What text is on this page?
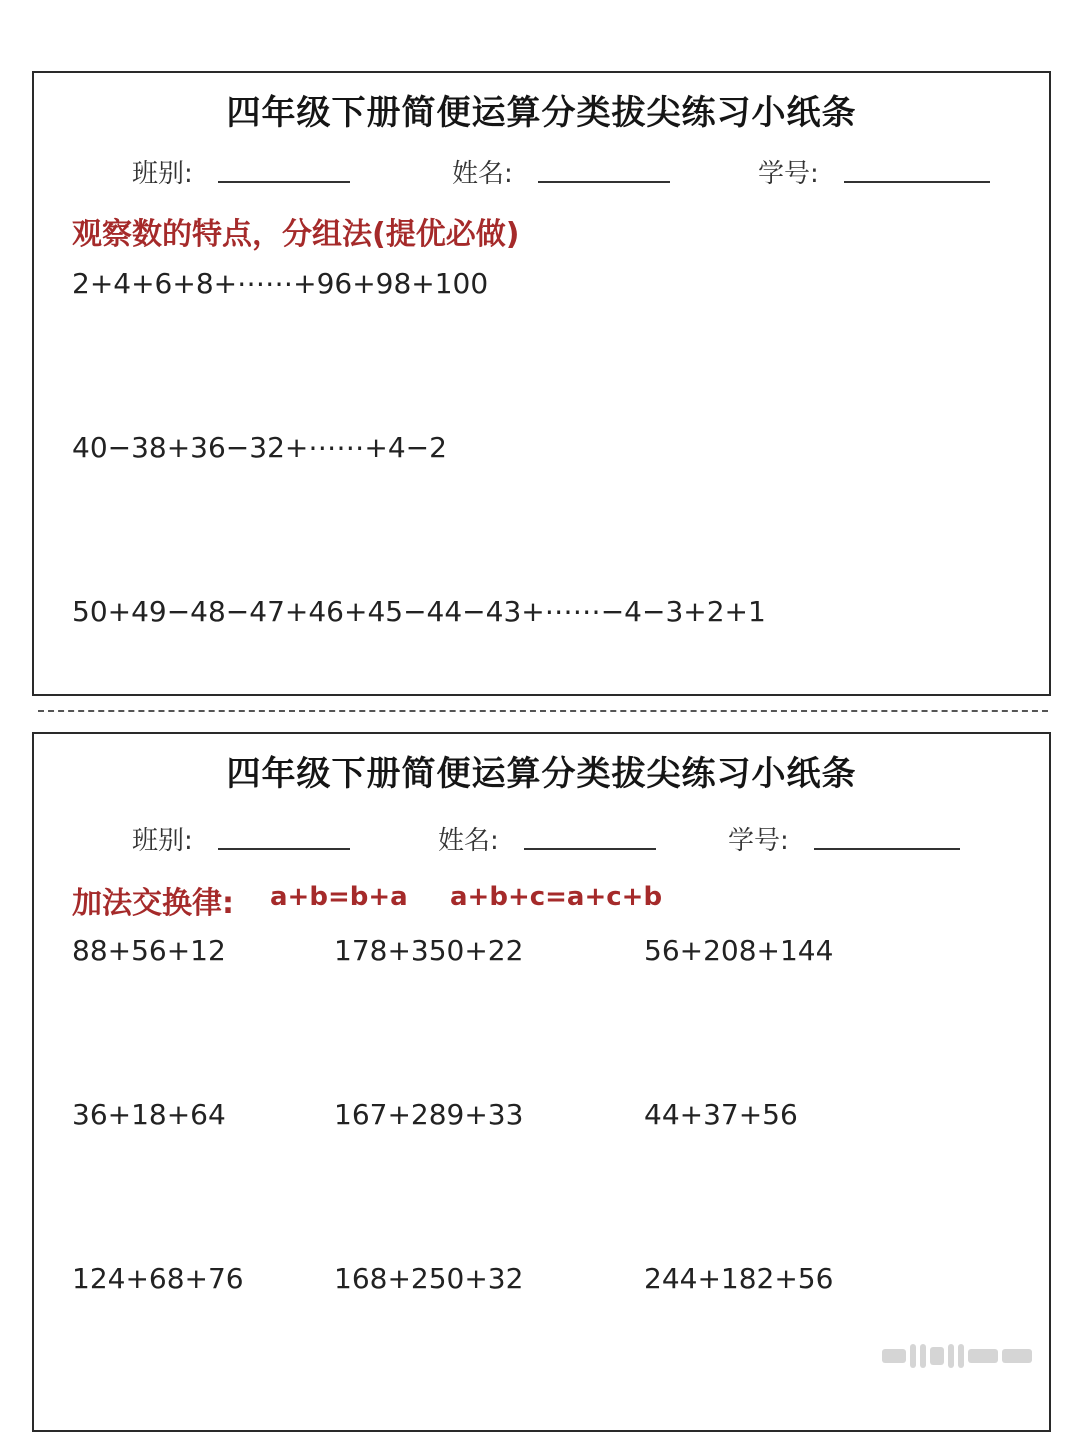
四年级下册简便运算分类拔尖练习小纸条
班别:	姓名:	学号:
观察数的特点，分组法(提优必做)
2+4+6+8+⋯⋯+96+98+100
40−38+36−32+⋯⋯+4−2
50+49−48−47+46+45−44−43+⋯⋯−4−3+2+1
四年级下册简便运算分类拔尖练习小纸条
班别:	姓名:	学号:
加法交换律: a+b=b+a a+b+c=a+c+b
88+56+12	178+350+22	56+208+144
36+18+64	167+289+33	44+37+56
124+68+76	168+250+32	244+182+56
